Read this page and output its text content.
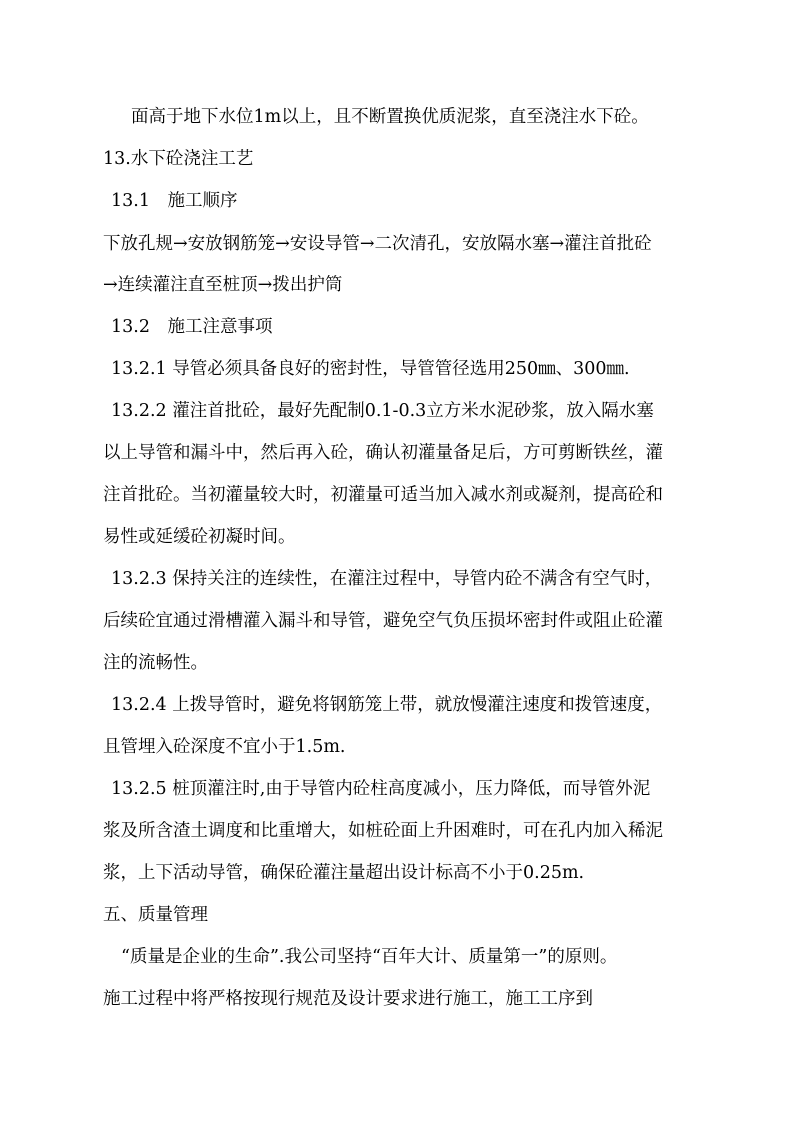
面高于地下水位1m以上，且不断置换优质泥浆，直至浇注水下砼。
13.水下砼浇注工艺
13.1　施工顺序
下放孔规→安放钢筋笼→安设导管→二次清孔，安放隔水塞→灌注首批砼
→连续灌注直至桩顶→拨出护筒
13.2　施工注意事项
13.2.1 导管必须具备良好的密封性，导管管径选用250㎜、300㎜.
13.2.2 灌注首批砼，最好先配制0.1-0.3立方米水泥砂浆，放入隔水塞
以上导管和漏斗中，然后再入砼，确认初灌量备足后，方可剪断铁丝，灌
注首批砼。当初灌量较大时，初灌量可适当加入减水剂或凝剂，提高砼和
易性或延缓砼初凝时间。
13.2.3 保持关注的连续性，在灌注过程中，导管内砼不满含有空气时，
后续砼宜通过滑槽灌入漏斗和导管，避免空气负压损坏密封件或阻止砼灌
注的流畅性。
13.2.4 上拨导管时，避免将钢筋笼上带，就放慢灌注速度和拨管速度，
且管埋入砼深度不宜小于1.5m.
13.2.5 桩顶灌注时,由于导管内砼柱高度减小，压力降低，而导管外泥
浆及所含渣土调度和比重增大，如桩砼面上升困难时，可在孔内加入稀泥
浆，上下活动导管，确保砼灌注量超出设计标高不小于0.25m.
五、质量管理
“质量是企业的生命”.我公司坚持“百年大计、质量第一”的原则。
施工过程中将严格按现行规范及设计要求进行施工，施工工序到
